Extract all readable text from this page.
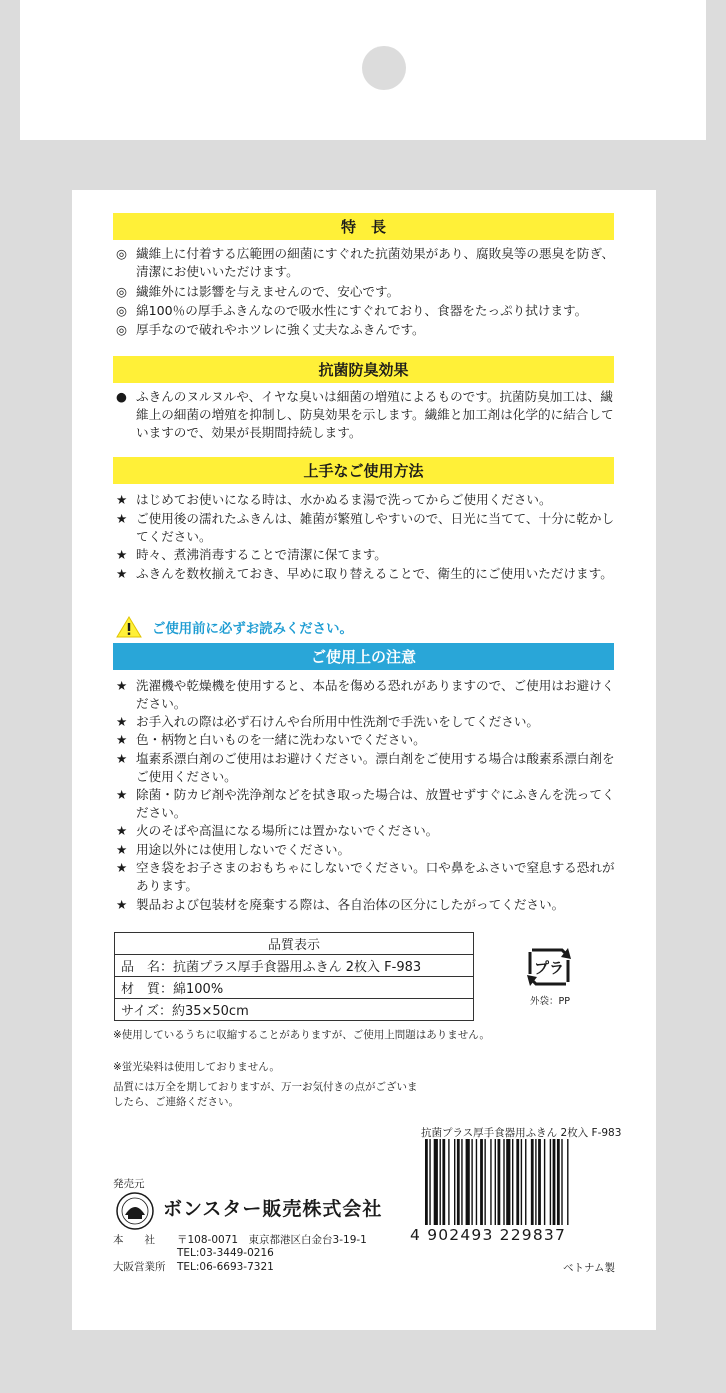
特　長
◎ 繊維上に付着する広範囲の細菌にすぐれた抗菌効果があり、腐敗臭等の悪臭を防ぎ、清潔にお使いいただけます。
◎ 繊維外には影響を与えませんので、安心です。
◎ 綿100％の厚手ふきんなので吸水性にすぐれており、食器をたっぷり拭けます。
◎ 厚手なので破れやホツレに強く丈夫なふきんです。
抗菌防臭効果
● ふきんのヌルヌルや、イヤな臭いは細菌の増殖によるものです。抗菌防臭加工は、繊維上の細菌の増殖を抑制し、防臭効果を示します。繊維と加工剤は化学的に結合していますので、効果が長期間持続します。
上手なご使用方法
★ はじめてお使いになる時は、水かぬるま湯で洗ってからご使用ください。
★ ご使用後の濡れたふきんは、雑菌が繁殖しやすいので、日光に当てて、十分に乾かしてください。
★ 時々、煮沸消毒することで清潔に保てます。
★ ふきんを数枚揃えておき、早めに取り替えることで、衛生的にご使用いただけます。
ご使用前に必ずお読みください。
ご使用上の注意
★ 洗濯機や乾燥機を使用すると、本品を傷める恐れがありますので、ご使用はお避けください。
★ お手入れの際は必ず石けんや台所用中性洗剤で手洗いをしてください。
★ 色・柄物と白いものを一緒に洗わないでください。
★ 塩素系漂白剤のご使用はお避けください。漂白剤をご使用する場合は酸素系漂白剤をご使用ください。
★ 除菌・防カビ剤や洗浄剤などを拭き取った場合は、放置せずすぐにふきんを洗ってください。
★ 火のそばや高温になる場所には置かないでください。
★ 用途以外には使用しないでください。
★ 空き袋をお子さまのおもちゃにしないでください。口や鼻をふさいで窒息する恐れがあります。
★ 製品および包装材を廃棄する際は、各自治体の区分にしたがってください。
品質表示
品　名：抗菌プラス厚手食器用ふきん 2枚入 F-983
材　質：綿100%
サイズ：約35×50cm
※使用しているうちに収縮することがありますが、ご使用上問題はありません。
※蛍光染料は使用しておりません。
品質には万全を期しておりますが、万一お気付きの点がございましたら、ご連絡ください。
プラ
外袋：PP
抗菌プラス厚手食器用ふきん 2枚入 F-983
4 902493 229837
ベトナム製
発売元
ボンスター販売株式会社
本　　社 〒108-0071　東京都港区白金台3-19-1
TEL:03-3449-0216
大阪営業所 TEL:06-6693-7321
